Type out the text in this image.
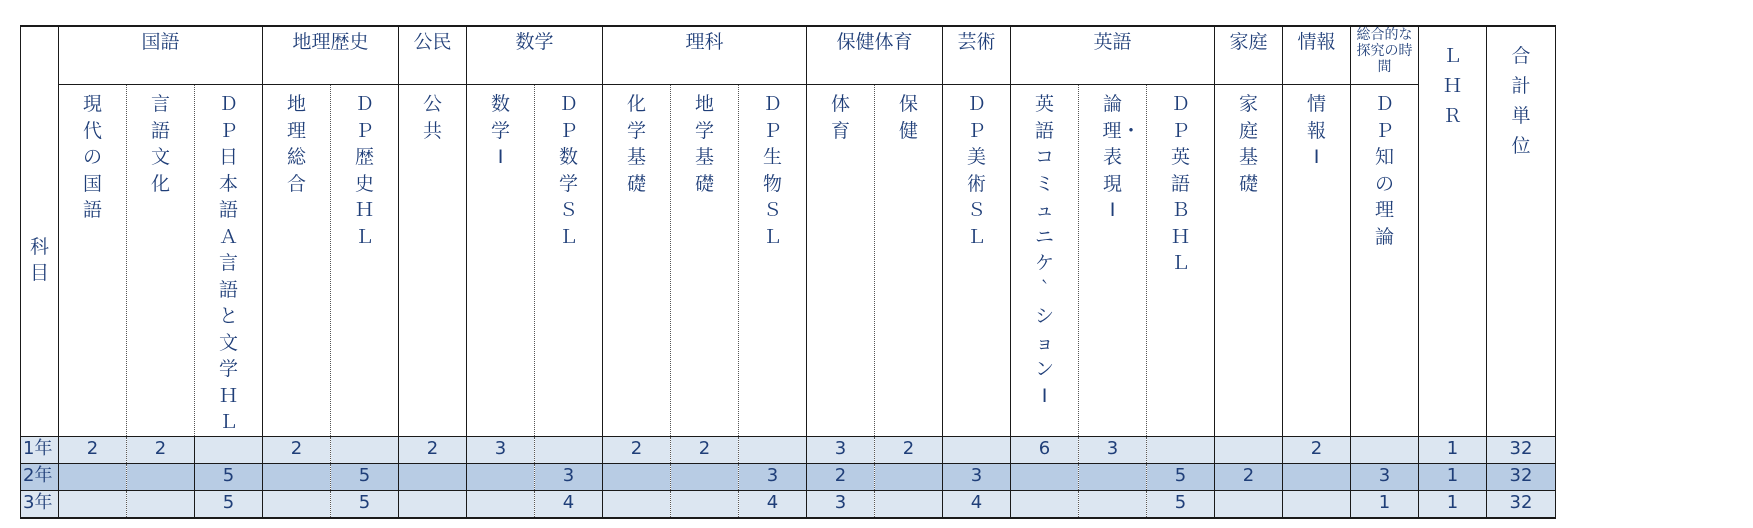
	国語			地理歴史		公民	数学		理科			保健体育		芸術	英語			家庭	情報	総合的な探究の時間	ＬＨＲ	合計単位
科目	現代の国語	言語文化	ＤＰ日本語Ａ言語と文学ＨＬ	地理総合	ＤＰ歴史ＨＬ	公共	数学Ⅰ	ＤＰ数学ＳＬ	化学基礎	地学基礎	ＤＰ生物ＳＬ	体育	保健	ＤＰ美術ＳＬ	英語コミュニケ｀ションⅠ	論理・表現Ⅰ	ＤＰ英語Ｂ　ＨＬ	家庭基礎	情報Ⅰ	ＤＰ知の理論		
1年	2	2		2		2	3		2	2		3	2		6	3			2		1	32
2年			5		5			3			3	2		3			5	2		3	1	32
3年			5		5			4			4	3		4			5			1	1	32
